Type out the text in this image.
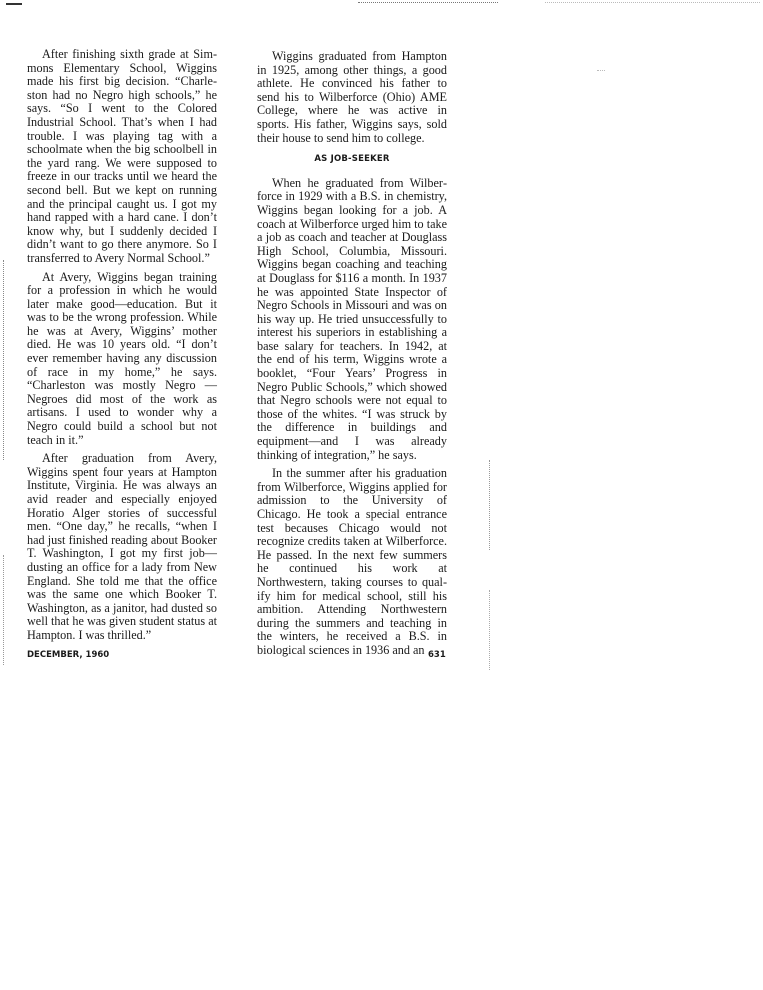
After finishing sixth grade at Simmons Elementary School, Wiggins made his first big decision. “Charleston had no Negro high schools,” he says. “So I went to the Colored Industrial School. That’s when I had trouble. I was playing tag with a schoolmate when the big schoolbell in the yard rang. We were supposed to freeze in our tracks until we heard the second bell. But we kept on running and the principal caught us. I got my hand rapped with a hard cane. I don’t know why, but I suddenly decided I didn’t want to go there anymore. So I transferred to Avery Normal School.”

At Avery, Wiggins began training for a profession in which he would later make good—education. But it was to be the wrong profession. While he was at Avery, Wiggins’ mother died. He was 10 years old. “I don’t ever remember having any discussion of race in my home,” he says. “Charleston was mostly Negro —Negroes did most of the work as artisans. I used to wonder why a Negro could build a school but not teach in it.”

After graduation from Avery, Wiggins spent four years at Hampton Institute, Virginia. He was always an avid reader and especially enjoyed Horatio Alger stories of successful men. “One day,” he recalls, “when I had just finished reading about Booker T. Washington, I got my first job—dusting an office for a lady from New England. She told me that the office was the same one which Booker T. Washington, as a janitor, had dusted so well that he was given student status at Hampton. I was thrilled.”

Wiggins graduated from Hampton in 1925, among other things, a good athlete. He convinced his father to send his to Wilberforce (Ohio) AME College, where he was active in sports. His father, Wiggins says, sold their house to send him to college.

AS JOB-SEEKER

When he graduated from Wilberforce in 1929 with a B.S. in chemistry, Wiggins began looking for a job. A coach at Wilberforce urged him to take a job as coach and teacher at Douglass High School, Columbia, Missouri. Wiggins began coaching and teaching at Douglass for $116 a month. In 1937 he was appointed State Inspector of Negro Schools in Missouri and was on his way up. He tried unsuccessfully to interest his superiors in establishing a base salary for teachers. In 1942, at the end of his term, Wiggins wrote a booklet, “Four Years’ Progress in Negro Public Schools,” which showed that Negro schools were not equal to those of the whites. “I was struck by the difference in buildings and equipment—and I was already thinking of integration,” he says.

In the summer after his graduation from Wilberforce, Wiggins applied for admission to the University of Chicago. He took a special entrance test becauses Chicago would not recognize credits taken at Wilberforce. He passed. In the next few summers he continued his work at Northwestern, taking courses to qualify him for medical school, still his ambition. Attending Northwestern during the summers and teaching in the winters, he received a B.S. in biological sciences in 1936 and an

DECEMBER, 1960	631
